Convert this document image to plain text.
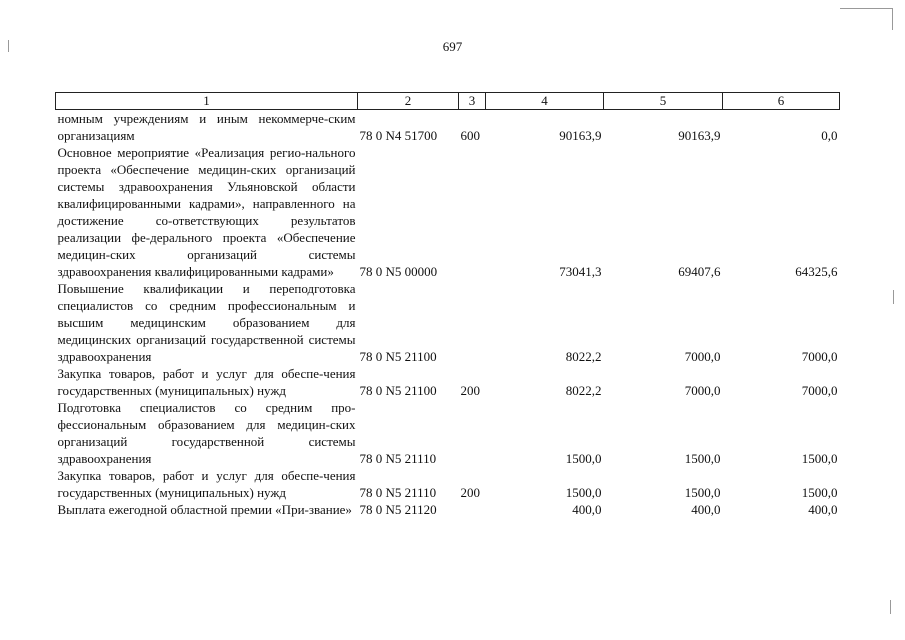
697
1	2	3	4	5	6
номным учреждениям и иным некоммерче-ским организациям	78 0 N4 51700	600	90163,9	90163,9	0,0
Основное мероприятие «Реализация регио-нального проекта «Обеспечение медицин-ских организаций системы здравоохранения Ульяновской области квалифицированными кадрами», направленного на достижение со-ответствующих результатов реализации фе-дерального проекта «Обеспечение медицин-ских организаций системы здравоохранения квалифицированными кадрами»	78 0 N5 00000		73041,3	69407,6	64325,6
Повышение квалификации и переподготовка специалистов со средним профессиональным и высшим медицинским образованием для медицинских организаций государственной системы здравоохранения	78 0 N5 21100		8022,2	7000,0	7000,0
Закупка товаров, работ и услуг для обеспе-чения государственных (муниципальных) нужд	78 0 N5 21100	200	8022,2	7000,0	7000,0
Подготовка специалистов со средним про-фессиональным образованием для медицин-ских организаций государственной системы здравоохранения	78 0 N5 21110		1500,0	1500,0	1500,0
Закупка товаров, работ и услуг для обеспе-чения государственных (муниципальных) нужд	78 0 N5 21110	200	1500,0	1500,0	1500,0
Выплата ежегодной областной премии «При-звание»	78 0 N5 21120		400,0	400,0	400,0
